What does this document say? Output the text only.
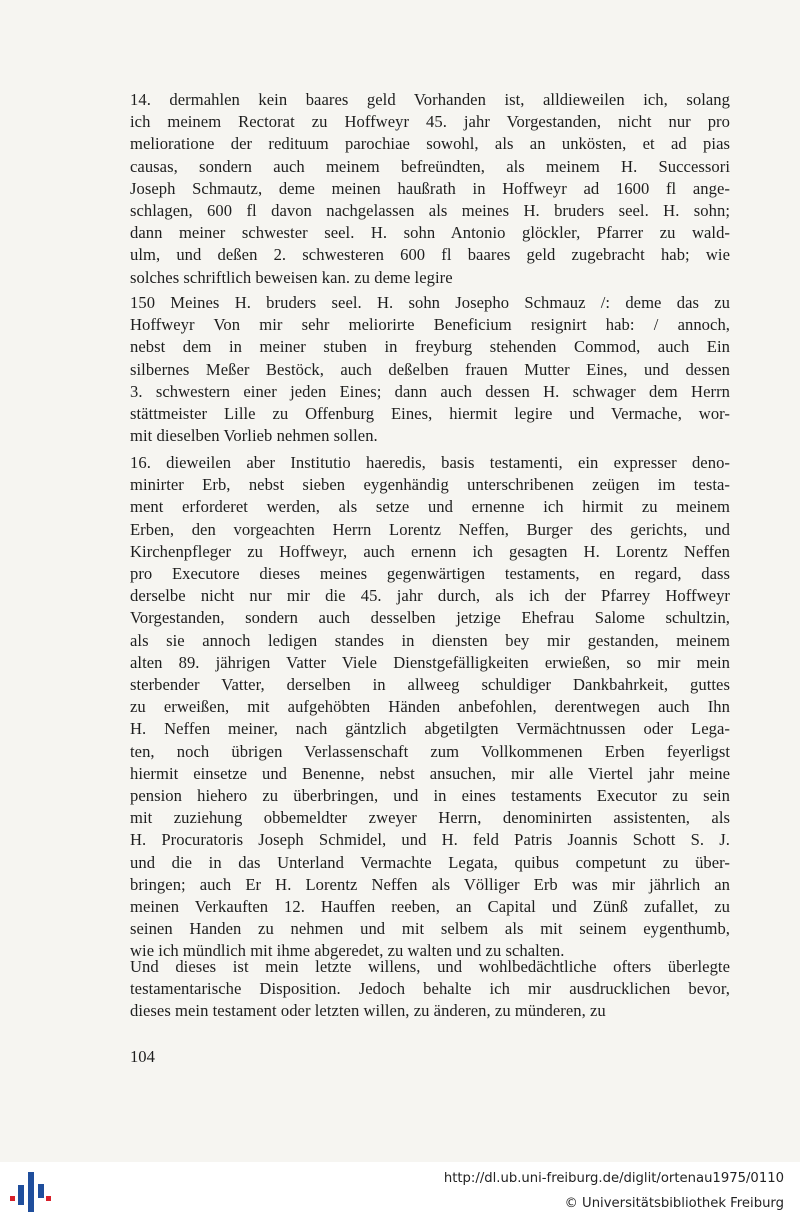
14. dermahlen kein baares geld Vorhanden ist, alldieweilen ich, solang
ich meinem Rectorat zu Hoffweyr 45. jahr Vorgestanden, nicht nur pro
melioratione der redituum parochiae sowohl, als an unkösten, et ad pias
causas, sondern auch meinem befreündten, als meinem H. Successori
Joseph Schmautz, deme meinen haußrath in Hoffweyr ad 1600 fl ange-
schlagen, 600 fl davon nachgelassen als meines H. bruders seel. H. sohn;
dann meiner schwester seel. H. sohn Antonio glöckler, Pfarrer zu wald-
ulm, und deßen 2. schwesteren 600 fl baares geld zugebracht hab; wie
solches schriftlich beweisen kan. zu deme legire
150 Meines H. bruders seel. H. sohn Josepho Schmauz /: deme das zu
Hoffweyr Von mir sehr meliorirte Beneficium resignirt hab: / annoch,
nebst dem in meiner stuben in freyburg stehenden Commod, auch Ein
silbernes Meßer Bestöck, auch deßelben frauen Mutter Eines, und dessen
3. schwestern einer jeden Eines; dann auch dessen H. schwager dem Herrn
stättmeister Lille zu Offenburg Eines, hiermit legire und Vermache, wor-
mit dieselben Vorlieb nehmen sollen.
16. dieweilen aber Institutio haeredis, basis testamenti, ein expresser deno-
minirter Erb, nebst sieben eygenhändig unterschribenen zeügen im testa-
ment erforderet werden, als setze und ernenne ich hirmit zu meinem
Erben, den vorgeachten Herrn Lorentz Neffen, Burger des gerichts, und
Kirchenpfleger zu Hoffweyr, auch ernenn ich gesagten H. Lorentz Neffen
pro Executore dieses meines gegenwärtigen testaments, en regard, dass
derselbe nicht nur mir die 45. jahr durch, als ich der Pfarrey Hoffweyr
Vorgestanden, sondern auch desselben jetzige Ehefrau Salome schultzin,
als sie annoch ledigen standes in diensten bey mir gestanden, meinem
alten 89. jährigen Vatter Viele Dienstgefälligkeiten erwießen, so mir mein
sterbender Vatter, derselben in allweeg schuldiger Dankbahrkeit, guttes
zu erweißen, mit aufgehöbten Händen anbefohlen, derentwegen auch Ihn
H. Neffen meiner, nach gäntzlich abgetilgten Vermächtnussen oder Lega-
ten, noch übrigen Verlassenschaft zum Vollkommenen Erben feyerligst
hiermit einsetze und Benenne, nebst ansuchen, mir alle Viertel jahr meine
pension hiehero zu überbringen, und in eines testaments Executor zu sein
mit zuziehung obbemeldter zweyer Herrn, denominirten assistenten, als
H. Procuratoris Joseph Schmidel, und H. feld Patris Joannis Schott S. J.
und die in das Unterland Vermachte Legata, quibus competunt zu über-
bringen; auch Er H. Lorentz Neffen als Völliger Erb was mir jährlich an
meinen Verkauften 12. Hauffen reeben, an Capital und Zünß zufallet, zu
seinen Handen zu nehmen und mit selbem als mit seinem eygenthumb,
wie ich mündlich mit ihme abgeredet, zu walten und zu schalten.
Und dieses ist mein letzte willens, und wohlbedächtliche ofters überlegte
testamentarische Disposition. Jedoch behalte ich mir ausdrucklichen bevor,
dieses mein testament oder letzten willen, zu änderen, zu münderen, zu
104
http://dl.ub.uni-freiburg.de/diglit/ortenau1975/0110
© Universitätsbibliothek Freiburg
